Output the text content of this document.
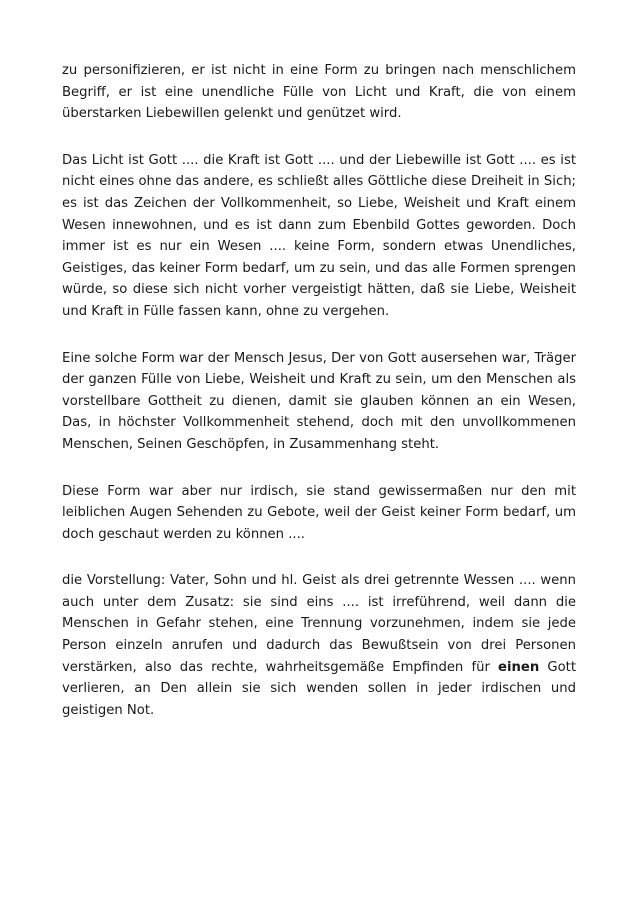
zu personifizieren, er ist nicht in eine Form zu bringen nach menschlichem Begriff, er ist eine unendliche Fülle von Licht und Kraft, die von einem überstarken Liebewillen gelenkt und genützet wird.

Das Licht ist Gott .... die Kraft ist Gott .... und der Liebewille ist Gott .... es ist nicht eines ohne das andere, es schließt alles Göttliche diese Dreiheit in Sich; es ist das Zeichen der Vollkommenheit, so Liebe, Weisheit und Kraft einem Wesen innewohnen, und es ist dann zum Ebenbild Gottes geworden. Doch immer ist es nur ein Wesen .... keine Form, sondern etwas Unendliches, Geistiges, das keiner Form bedarf, um zu sein, und das alle Formen sprengen würde, so diese sich nicht vorher vergeistigt hätten, daß sie Liebe, Weisheit und Kraft in Fülle fassen kann, ohne zu vergehen.

Eine solche Form war der Mensch Jesus, Der von Gott ausersehen war, Träger der ganzen Fülle von Liebe, Weisheit und Kraft zu sein, um den Menschen als vorstellbare Gottheit zu dienen, damit sie glauben können an ein Wesen, Das, in höchster Vollkommenheit stehend, doch mit den unvollkommenen Menschen, Seinen Geschöpfen, in Zusammenhang steht.

Diese Form war aber nur irdisch, sie stand gewissermaßen nur den mit leiblichen Augen Sehenden zu Gebote, weil der Geist keiner Form bedarf, um doch geschaut werden zu können ....

die Vorstellung: Vater, Sohn und hl. Geist als drei getrennte Wessen .... wenn auch unter dem Zusatz: sie sind eins .... ist irreführend, weil dann die Menschen in Gefahr stehen, eine Trennung vorzunehmen, indem sie jede Person einzeln anrufen und dadurch das Bewußtsein von drei Personen verstärken, also das rechte, wahrheitsgemäße Empfinden für einen Gott verlieren, an Den allein sie sich wenden sollen in jeder irdischen und geistigen Not.
